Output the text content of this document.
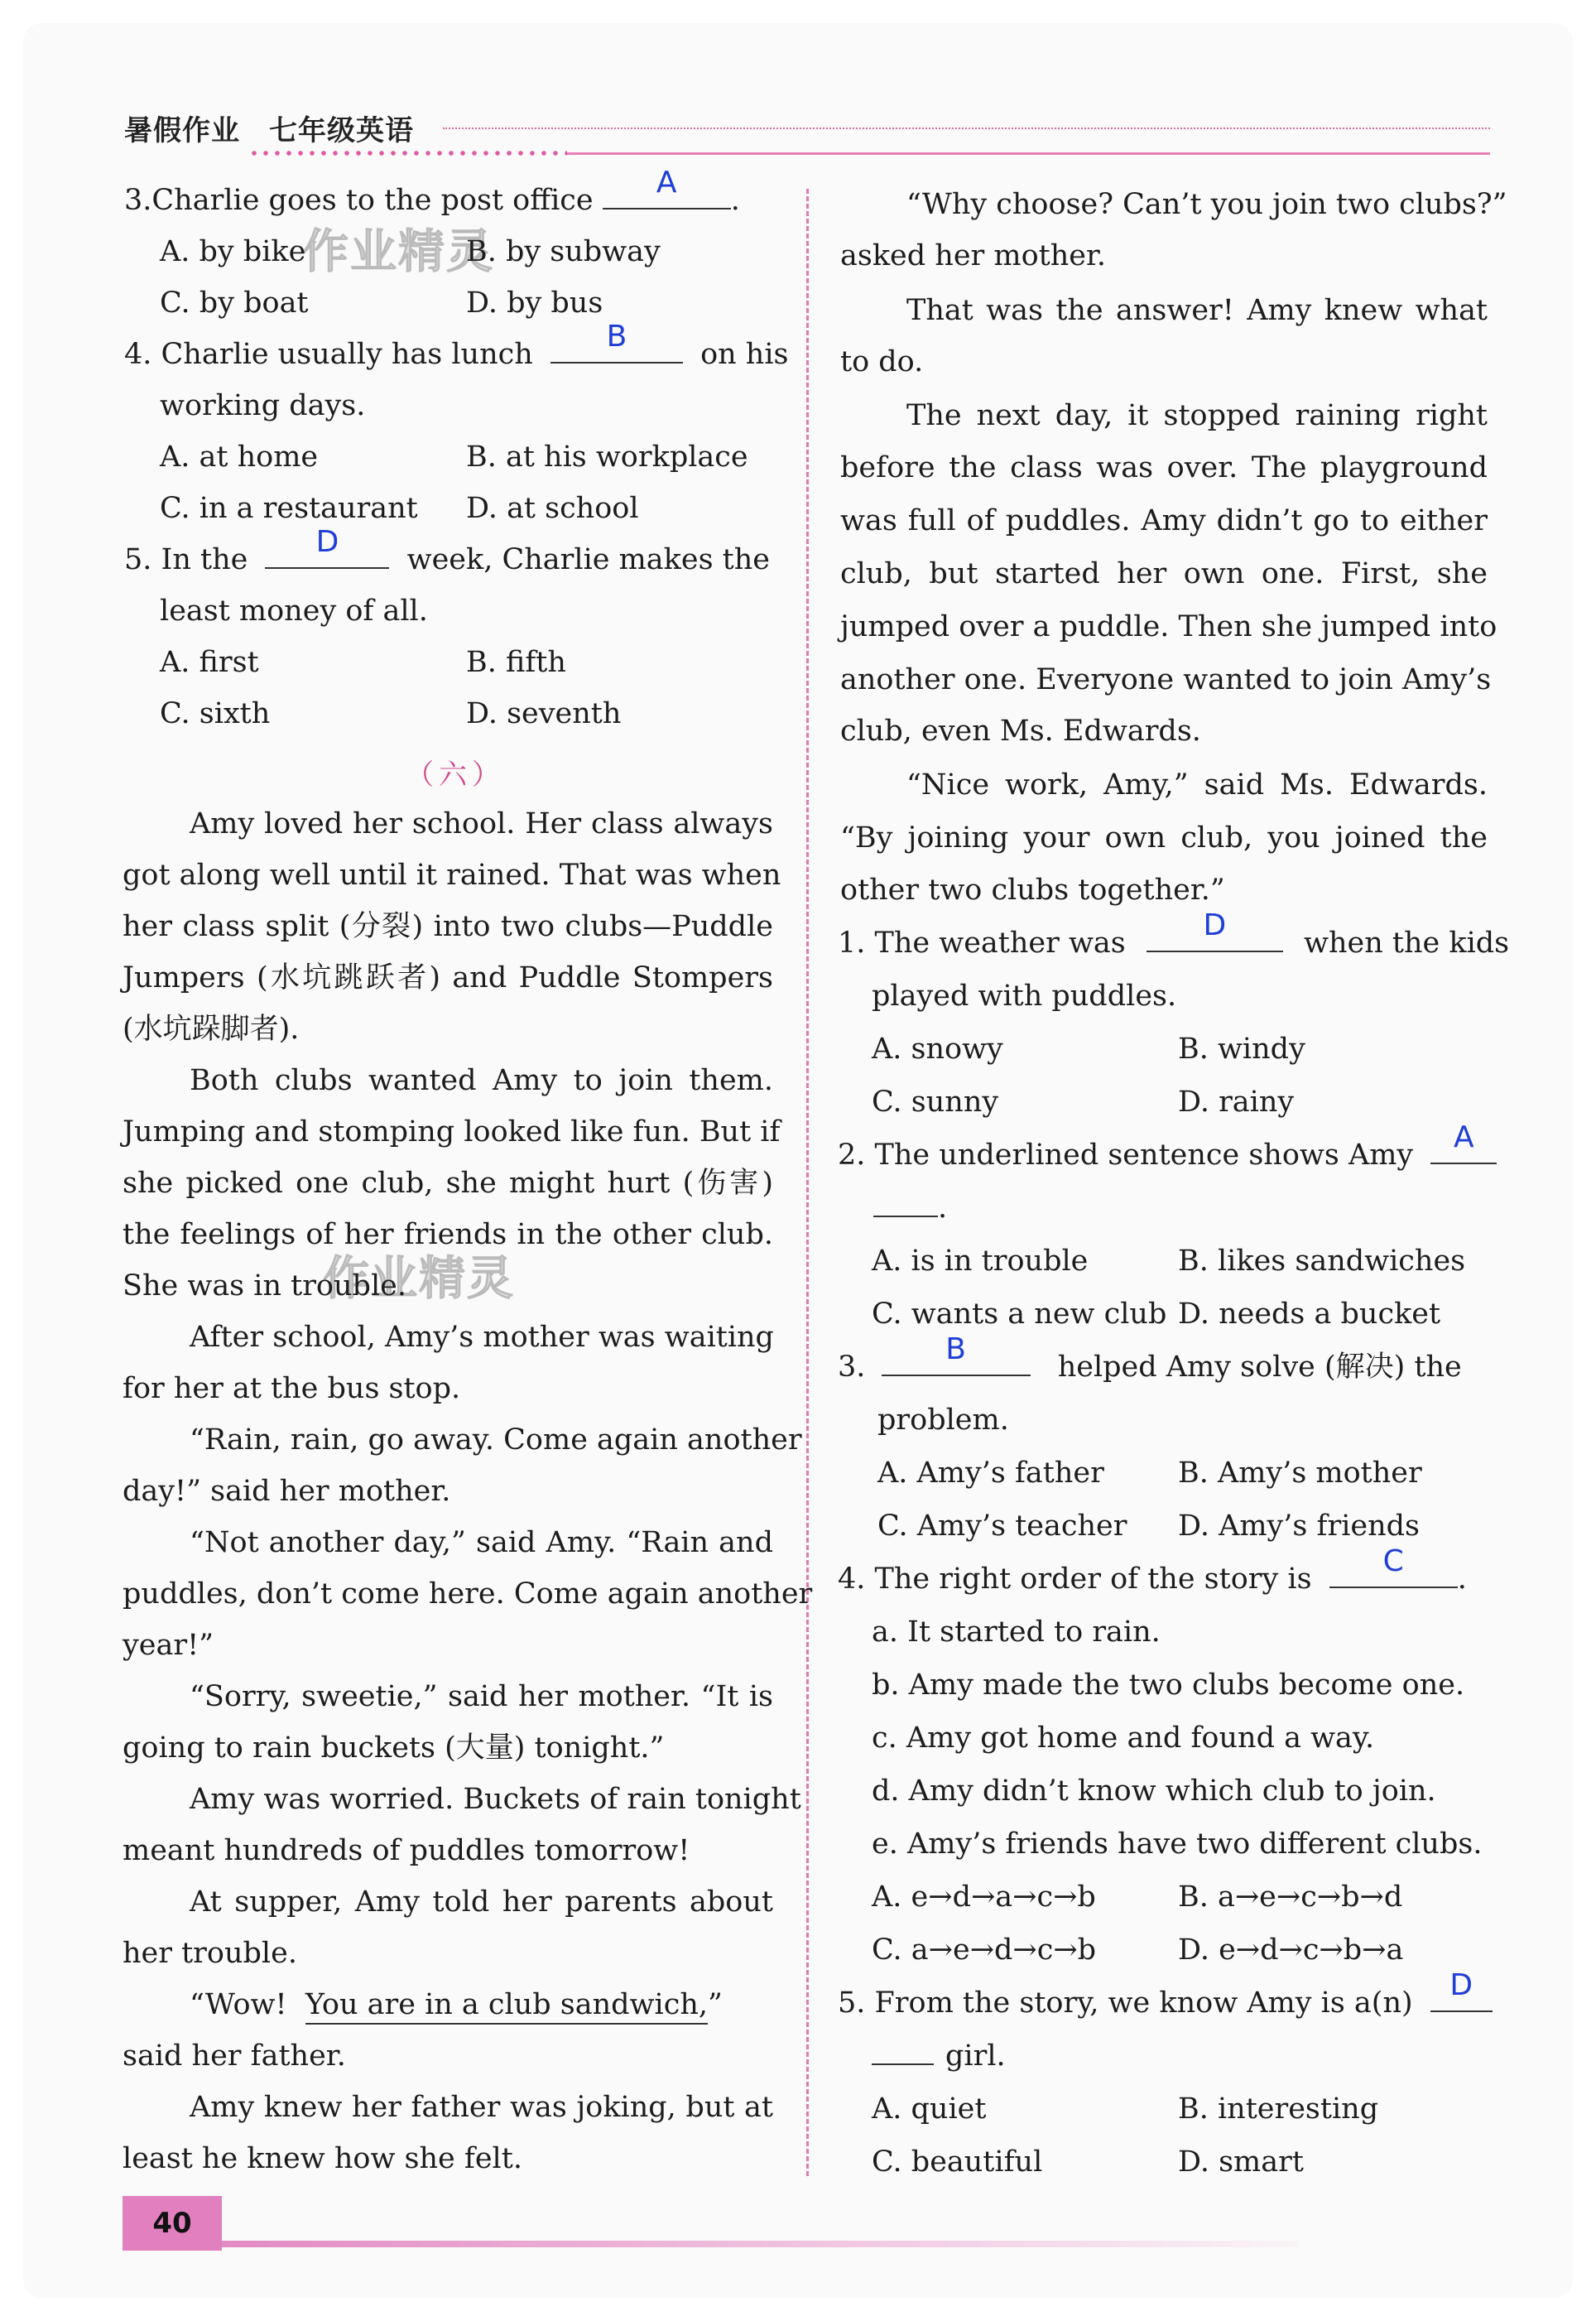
暑假作业　七年级英语
作业精灵
作业精灵
3.Charlie goes to the post office
A
.
A. by bike	B. by subway
C. by boat	D. by bus
4. Charlie usually has lunch
B
on his
working days.
A. at home	B. at his workplace
C. in a restaurant D. at school
5. In the
D
week, Charlie makes the
least money of all.
A. first	B. fifth
C. sixth	D. seventh
（六）
Amy loved her school. Her class always
got along well until it rained. That was when
her class split (分裂) into two clubs—Puddle
Jumpers (水坑跳跃者) and Puddle Stompers
(水坑跺脚者).
Both clubs wanted Amy to join them.
Jumping and stomping looked like fun. But if
she picked one club, she might hurt (伤害)
the feelings of her friends in the other club.
She was in trouble.
After school, Amy’s mother was waiting
for her at the bus stop.
“Rain, rain, go away. Come again another
day!” said her mother.
“Not another day,” said Amy. “Rain and
puddles, don’t come here. Come again another
year!”
“Sorry, sweetie,” said her mother. “It is
going to rain buckets (大量) tonight.”
Amy was worried. Buckets of rain tonight
meant hundreds of puddles tomorrow!
At supper, Amy told her parents about
her trouble.
“Wow! You are in a club sandwich,”
said her father.
Amy knew her father was joking, but at
least he knew how she felt.
“Why choose? Can’t you join two clubs?”
asked her mother.
That was the answer! Amy knew what
to do.
The next day, it stopped raining right
before the class was over. The playground
was full of puddles. Amy didn’t go to either
club, but started her own one. First, she
jumped over a puddle. Then she jumped into
another one. Everyone wanted to join Amy’s
club, even Ms. Edwards.
“Nice work, Amy,” said Ms. Edwards.
“By joining your own club, you joined the
other two clubs together.”
1. The weather was
D
when the kids
played with puddles.
A. snowy	B. windy
C. sunny	D. rainy
2. The underlined sentence shows Amy
A
.
A. is in trouble	B. likes sandwiches
C. wants a new club D. needs a bucket
3.
B
helped Amy solve (解决) the
problem.
A. Amy’s father	B. Amy’s mother
C. Amy’s teacher D. Amy’s friends
4. The right order of the story is
C
.
a. It started to rain.
b. Amy made the two clubs become one.
c. Amy got home and found a way.
d. Amy didn’t know which club to join.
e. Amy’s friends have two different clubs.
A. e→d→a→c→b	B. a→e→c→b→d
C. a→e→d→c→b	D. e→d→c→b→a
5. From the story, we know Amy is a(n)
D
girl.
A. quiet	B. interesting
C. beautiful	D. smart
40
